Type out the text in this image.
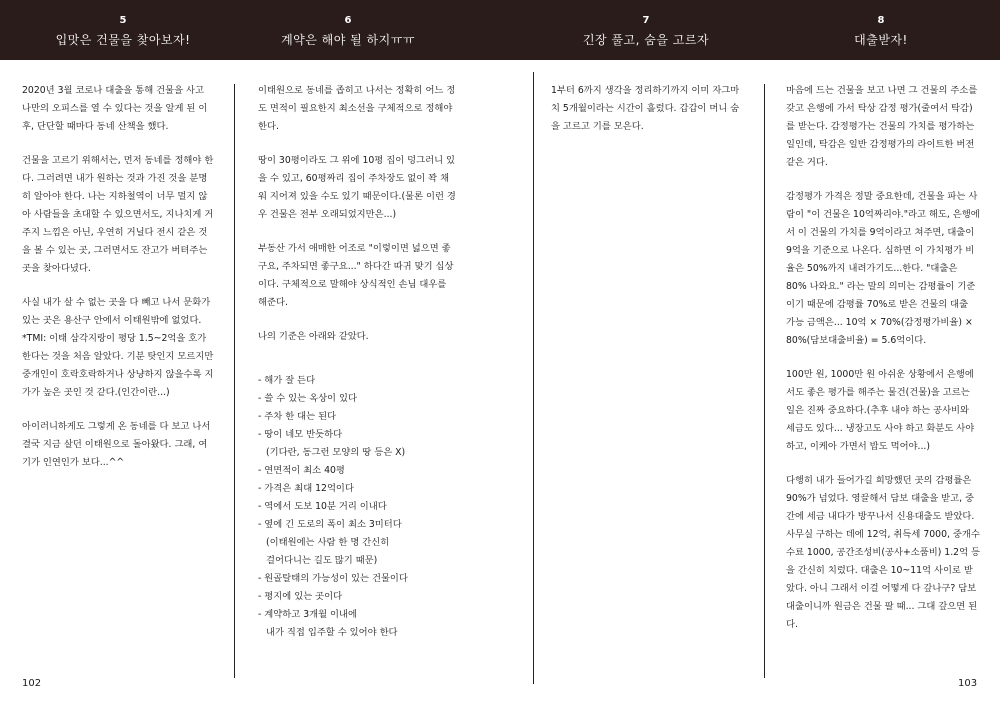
5
입맛은 건물을 찾아보자!
6
계약은 해야 될 하지ㅠㅠ
7
긴장 풀고, 숨을 고르자
8
대출받자!

2020년 3월 코로나 대출을 통해 건물을 사고 나만의 오피스를 열 수 있다는 것을 알게 된 이후, 단단할 때마다 동네 산책을 했다.

건물을 고르기 위해서는, 먼저 동네를 정해야 한다. 그러려면 내가 원하는 것과 가진 것을 분명히 알아야 한다. 나는 지하철역이 너무 멀지 않아 사람들을 초대할 수 있으면서도, 지나치게 거주지 느낌은 아닌, 우연히 거닐다 전시 같은 것을 볼 수 있는 곳, 그러면서도 잔고가 버텨주는 곳을 찾아다녔다.

사실 내가 살 수 없는 곳을 다 빼고 나서 문화가 있는 곳은 용산구 안에서 이태원밖에 없었다. *TMI: 이태 삼각지랑이 평당 1.5~2억을 호가한다는 것을 처음 알았다. 기분 탓인지 모르지만 중개인이 호락호락하거나 상냥하지 않을수록 지가가 높은 곳인 것 같다.(인간이란...)

아이러니하게도 그렇게 온 동네를 다 보고 나서 결국 지금 살던 이태원으로 돌아왔다. 그래, 여기가 인연인가 보다...^^

이태원으로 동네를 좁히고 나서는 정확히 어느 정도 면적이 필요한지 최소선을 구체적으로 정해야 한다.

땅이 30평이라도 그 위에 10평 집이 덩그러니 있을 수 있고, 60평짜리 집이 주차장도 없이 꽉 채워 지어져 있을 수도 있기 때문이다.(물론 이런 경우 건물은 전부 오래되었지만은...)

부동산 가서 애매한 어조로 "이렇이면 넓으면 좋구요, 주차되면 좋구요..." 하다간 따귀 맞기 십상이다. 구체적으로 말해야 상식적인 손님 대우를 해준다.

나의 기준은 아래와 같았다.

- 해가 잘 든다
- 쓸 수 있는 옥상이 있다
- 주차 한 대는 된다
- 땅이 네모 반듯하다
(기다란, 동그런 모양의 땅 등은 X)
- 연면적이 최소 40평
- 가격은 최대 12억이다
- 역에서 도보 10분 거리 이내다
- 옆에 긴 도로의 폭이 최소 3미터다
(이태원에는 사람 한 명 간신히
걸어다니는 길도 많기 때문)
- 원골탈태의 가능성이 있는 건물이다
- 평지에 있는 곳이다
- 계약하고 3개월 이내에
내가 직접 입주할 수 있어야 한다

1부터 6까지 생각을 정리하기까지 이미 자그마치 5개월이라는 시간이 흘렀다. 갑갑이 머니 숨을 고르고 기를 모은다.

마음에 드는 건물을 보고 나면 그 건물의 주소를 갖고 은행에 가서 탁상 감정 평가(줄여서 탁감)를 받는다. 감정평가는 건물의 가치를 평가하는 일인데, 탁감은 일반 감정평가의 라이트한 버전 같은 거다.

감정평가 가격은 정말 중요한데, 건물을 파는 사람이 "이 건물은 10억짜리야."라고 해도, 은행에서 이 건물의 가치를 9억이라고 쳐주면, 대출이 9억을 기준으로 나온다. 심하면 이 가치평가 비율은 50%까지 내려가기도...한다. "대출은 80% 나와요." 라는 말의 의미는 감평률이 기준이기 때문에 감평률 70%로 받은 건물의 대출 가능 금액은... 10억 × 70%(감정평가비율) × 80%(담보대출비율) = 5.6억이다.

100만 원, 1000만 원 아쉬운 상황에서 은행에서도 좋은 평가를 해주는 물건(건물)을 고르는 일은 진짜 중요하다.(추후 내야 하는 공사비와 세금도 있다... 냉장고도 사야 하고 화분도 사야 하고, 이케아 가면서 밥도 먹어야...)

다행히 내가 들어가길 희망했던 곳의 감평률은 90%가 넘었다. 영끌해서 담보 대출을 받고, 중간에 세금 내다가 방꾸나서 신용대출도 받았다. 사무실 구하는 데에 12억, 취득세 7000, 중개수수료 1000, 공간조성비(공사+소품비) 1.2억 등을 간신히 치렀다. 대출은 10~11억 사이로 받았다. 아니 그래서 이걸 어떻게 다 갚나구? 담보대출이니까 원금은 건물 팔 때... 그대 갚으면 된다.

102	103
